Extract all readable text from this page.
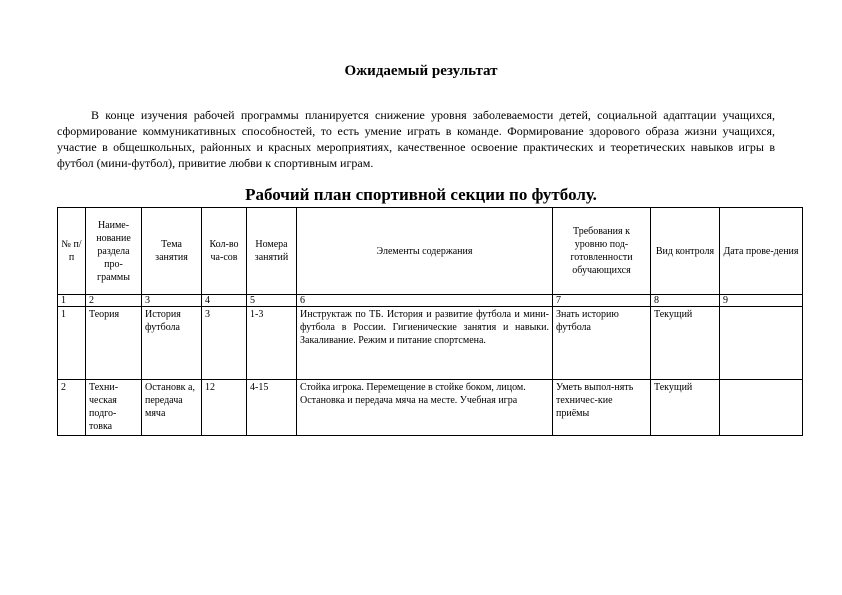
Ожидаемый результат
В конце изучения рабочей программы планируется снижение уровня заболеваемости детей, социальной адаптации учащихся, сформирование коммуникативных способностей, то есть умение играть в команде. Формирование здорового образа жизни учащихся, участие в общешкольных, районных и красных мероприятиях, качественное освоение практических и теоретических навыков игры в футбол (мини-футбол), привитие любви к спортивным играм.
Рабочий план спортивной секции по футболу.
№ п/п	Наиме-нование раздела про-граммы	Тема занятия	Кол-во ча-сов	Номера занятий	Элементы содержания	Требования к уровню под-готовленности обучающихся	Вид контроля	Дата прове-дения
1	2	3	4	5	6	7	8	9
1	Теория	История футбола	3	1-3	Инструктаж по ТБ. История и развитие футбола и мини-футбола в России. Гигиенические занятия и навыки. Закаливание. Режим и питание спортсмена.	Знать историю футбола	Текущий	
2	Техни-ческая подго-товка	Остановк а, передача мяча	12	4-15	Стойка игрока. Перемещение в стойке боком, лицом. Остановка и передача мяча на месте. Учебная игра	Уметь выпол-нять техничес-кие приёмы	Текущий	
